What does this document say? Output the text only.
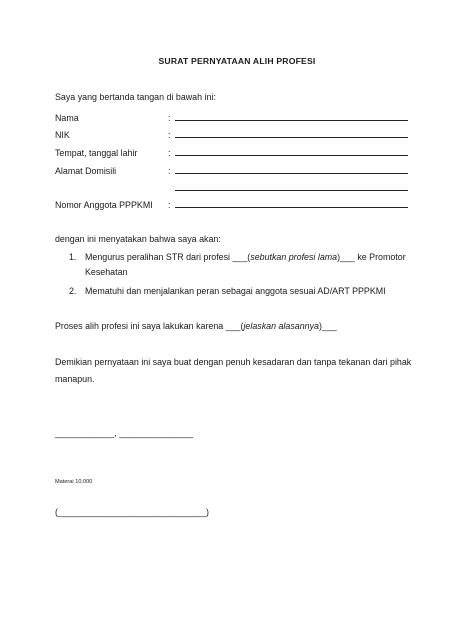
SURAT PERNYATAAN ALIH PROFESI
Saya yang bertanda tangan di bawah ini:
Nama	:
NIK	:
Tempat, tanggal lahir	:
Alamat Domisili	:
Nomor Anggota PPPKMI :
dengan ini menyatakan bahwa saya akan:
1. Mengurus peralihan STR dari profesi ___(sebutkan profesi lama)___ ke Promotor
Kesehatan
2. Mematuhi dan menjalankan peran sebagai anggota sesuai AD/ART PPPKMI
Proses alih profesi ini saya lakukan karena ___(jelaskan alasannya)___
Demikian pernyataan ini saya buat dengan penuh kesadaran dan tanpa tekanan dari pihak
manapun.
____________, _______________
Materai 10.000
(______________________________)
